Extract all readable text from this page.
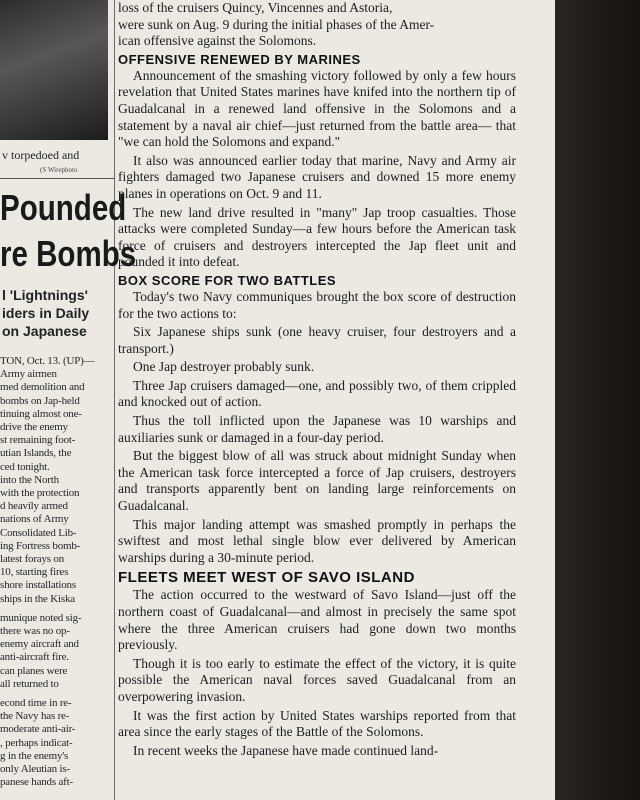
v torpedoed and
(S Wirephoto
Pounded
re Bombs
l 'Lightnings'
iders in Daily
on Japanese

TON, Oct. 13. (UP)—

Army airmen

med demolition and

bombs on Jap-held

tinuing almost one-

drive the enemy

st remaining foot-

utian Islands, the

ced tonight.

into the North

with the protection

d heavily armed

nations of Army

Consolidated Lib-

ing Fortress bomb-

latest forays on

10, starting fires

shore installations

ships in the Kiska

munique noted sig-

there was no op-

enemy aircraft and

anti-aircraft fire.

can planes were

all returned to

econd time in re-

the Navy has re-

moderate anti-air-

, perhaps indicat-

g in the enemy's

only Aleutian is-

panese hands aft-

loss of the cruisers Quincy, Vincennes and Astoria,

were sunk on Aug. 9 during the initial phases of the Amer-

ican offensive against the Solomons.

OFFENSIVE RENEWED BY MARINES

Announcement of the smashing victory followed by only a few hours revelation that United States marines have knifed into the northern tip of Guadalcanal in a renewed land offensive in the Solomons and a statement by a naval air chief—just returned from the battle area— that "we can hold the Solomons and expand."

It also was announced earlier today that marine, Navy and Army air fighters damaged two Japanese cruisers and downed 15 more enemy planes in operations on Oct. 9 and 11.

The new land drive resulted in "many" Jap troop casualties. Those attacks were completed Sunday—a few hours before the American task force of cruisers and destroyers intercepted the Jap fleet unit and pounded it into defeat.

BOX SCORE FOR TWO BATTLES

Today's two Navy communiques brought the box score of destruction for the two actions to:

Six Japanese ships sunk (one heavy cruiser, four destroyers and a transport.)

One Jap destroyer probably sunk.

Three Jap cruisers damaged—one, and possibly two, of them crippled and knocked out of action.

Thus the toll inflicted upon the Japanese was 10 warships and auxiliaries sunk or damaged in a four-day period.

But the biggest blow of all was struck about midnight Sunday when the American task force intercepted a force of Jap cruisers, destroyers and transports apparently bent on landing large reinforcements on Guadalcanal.

This major landing attempt was smashed promptly in perhaps the swiftest and most lethal single blow ever delivered by American warships during a 30-minute period.

FLEETS MEET WEST OF SAVO ISLAND

The action occurred to the westward of Savo Island—just off the northern coast of Guadalcanal—and almost in precisely the same spot where the three American cruisers had gone down two months previously.

Though it is too early to estimate the effect of the victory, it is quite possible the American naval forces saved Guadalcanal from an overpowering invasion.

It was the first action by United States warships reported from that area since the early stages of the Battle of the Solomons.

In recent weeks the Japanese have made continued land-
